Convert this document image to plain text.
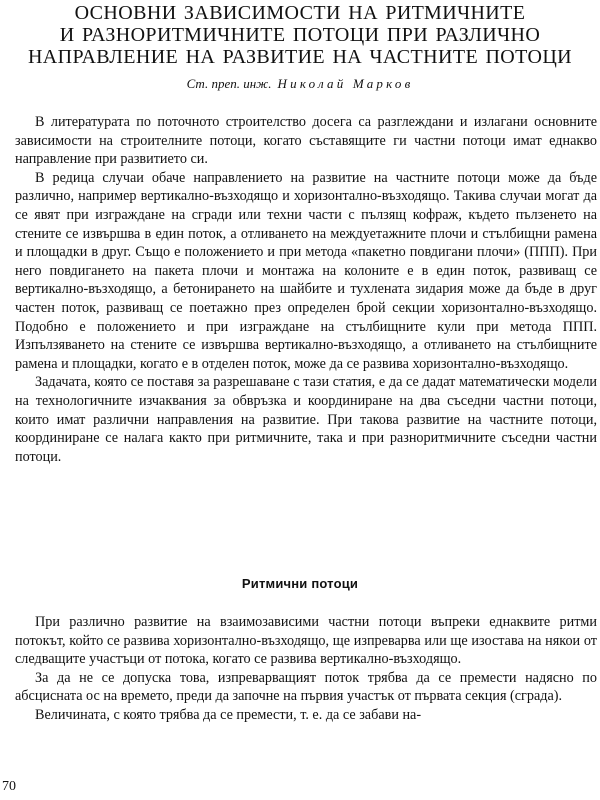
ОСНОВНИ ЗАВИСИМОСТИ НА РИТМИЧНИТЕ
И РАЗНОРИТМИЧНИТЕ ПОТОЦИ ПРИ РАЗЛИЧНО
НАПРАВЛЕНИЕ НА РАЗВИТИЕ НА ЧАСТНИТЕ ПОТОЦИ
Ст. преп. инж. Николай Марков

В литературата по поточното строителство досега са разглеждани и излагани основните зависимости на строителните потоци, когато съставящите ги частни потоци имат еднакво направление при развитието си.

В редица случаи обаче направлението на развитие на частните потоци може да бъде различно, например вертикално-възходящо и хоризонтално-възходящо. Такива случаи могат да се явят при изграждане на сгради или техни части с пълзящ кофраж, където пълзенето на стените се извършва в един поток, а отливането на междуетажните плочи и стълбищни рамена и площадки в друг. Също е положението и при метода «пакетно повдигани плочи» (ППП). При него повдигането на пакета плочи и монтажа на колоните е в един поток, развиващ се вертикално-възходящо, а бетонирането на шайбите и тухлената зидария може да бъде в друг частен поток, развиващ се поетажно през определен брой секции хоризонтално-възходящо. Подобно е положението и при изграждане на стълбищните кули при метода ППП. Изпълзяването на стените се извършва вертикално-възходящо, а отливането на стълбищните рамена и площадки, когато е в отделен поток, може да се развива хоризонтално-възходящо.

Задачата, която се поставя за разрешаване с тази статия, е да се дадат математически модели на технологичните изчаквания за обвръзка и координиране на два съседни частни потоци, които имат различни направления на развитие. При такова развитие на частните потоци, координиране се налага както при ритмичните, така и при разноритмичните съседни частни потоци.

Ритмични потоци

При различно развитие на взаимозависими частни потоци въпреки еднаквите ритми потокът, който се развива хоризонтално-възходящо, ще изпреварва или ще изостава на някои от следващите участъци от потока, когато се развива вертикално-възходящо.

За да не се допуска това, изпреварващият поток трябва да се премести надясно по абсцисната ос на времето, преди да започне на първия участък от първата секция (сграда).

Величината, с която трябва да се премести, т. е. да се забави на-

70
